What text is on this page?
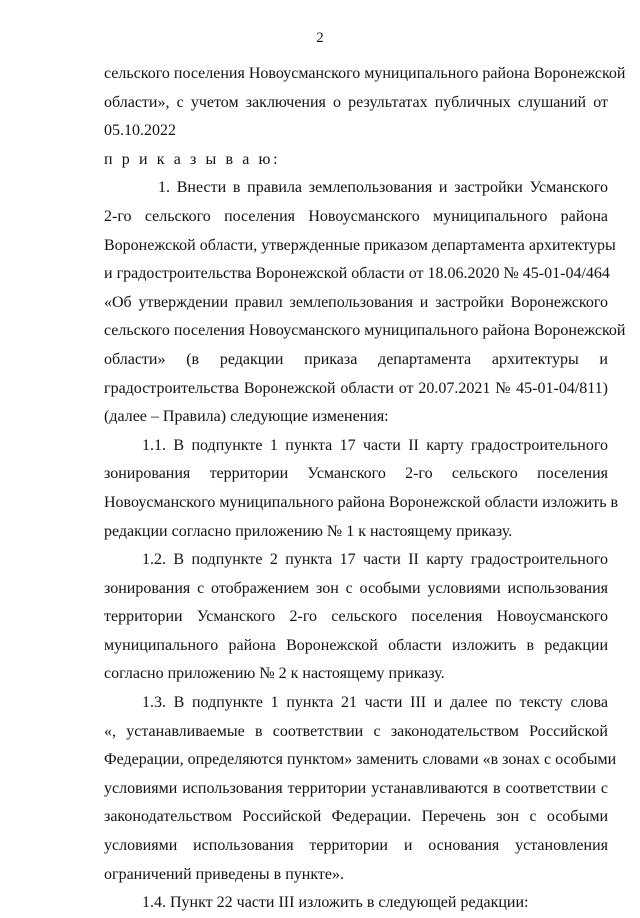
2
сельского поселения Новоусманского муниципального района Воронежской
области», с учетом заключения о результатах публичных слушаний от
05.10.2022
п р и к а з ы в а ю:
1. Внести в правила землепользования и застройки Усманского
2-го сельского поселения Новоусманского муниципального района
Воронежской области, утвержденные приказом департамента архитектуры
и градостроительства Воронежской области от 18.06.2020 № 45-01-04/464
«Об утверждении правил землепользования и застройки Воронежского
сельского поселения Новоусманского муниципального района Воронежской
области» (в редакции приказа департамента архитектуры и
градостроительства Воронежской области от 20.07.2021 № 45-01-04/811)
(далее – Правила) следующие изменения:
1.1. В подпункте 1 пункта 17 части II карту градостроительного
зонирования территории Усманского 2-го сельского поселения
Новоусманского муниципального района Воронежской области изложить в
редакции согласно приложению № 1 к настоящему приказу.
1.2. В подпункте 2 пункта 17 части II карту градостроительного
зонирования с отображением зон с особыми условиями использования
территории Усманского 2-го сельского поселения Новоусманского
муниципального района Воронежской области изложить в редакции
согласно приложению № 2 к настоящему приказу.
1.3. В подпункте 1 пункта 21 части III и далее по тексту слова
«, устанавливаемые в соответствии с законодательством Российской
Федерации, определяются пунктом» заменить словами «в зонах с особыми
условиями использования территории устанавливаются в соответствии с
законодательством Российской Федерации. Перечень зон с особыми
условиями использования территории и основания установления
ограничений приведены в пункте».
1.4. Пункт 22 части III изложить в следующей редакции:
